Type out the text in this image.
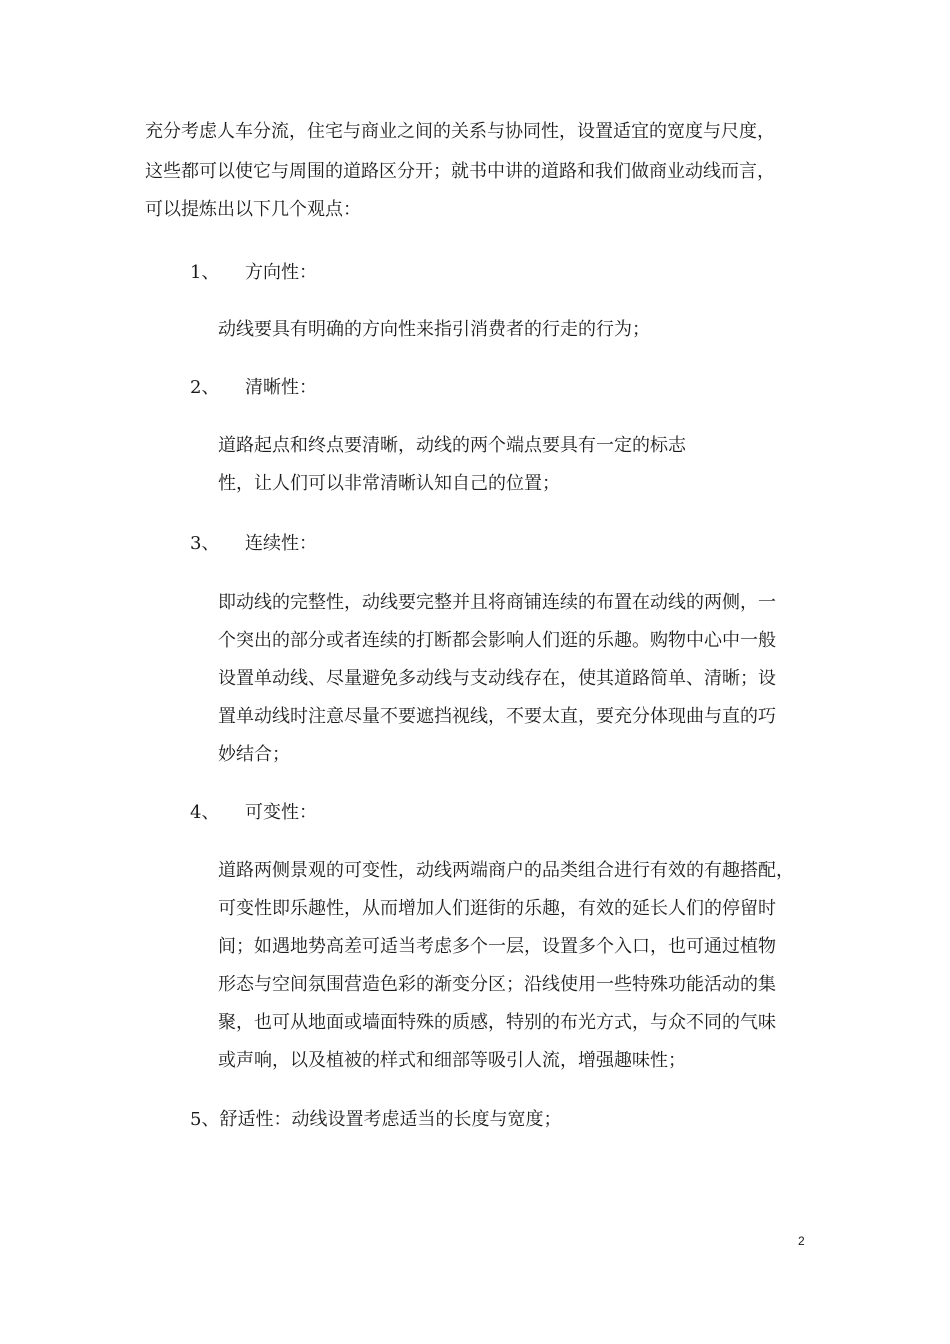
充分考虑人车分流，住宅与商业之间的关系与协同性，设置适宜的宽度与尺度，
这些都可以使它与周围的道路区分开；就书中讲的道路和我们做商业动线而言，
可以提炼出以下几个观点：
1、 方向性：
动线要具有明确的方向性来指引消费者的行走的行为；
2、 清晰性：
道路起点和终点要清晰，动线的两个端点要具有一定的标志
性，让人们可以非常清晰认知自己的位置；
3、 连续性：
即动线的完整性，动线要完整并且将商铺连续的布置在动线的两侧，一
个突出的部分或者连续的打断都会影响人们逛的乐趣。购物中心中一般
设置单动线、尽量避免多动线与支动线存在，使其道路简单、清晰；设
置单动线时注意尽量不要遮挡视线，不要太直，要充分体现曲与直的巧
妙结合；
4、 可变性：
道路两侧景观的可变性，动线两端商户的品类组合进行有效的有趣搭配，
可变性即乐趣性，从而增加人们逛街的乐趣，有效的延长人们的停留时
间；如遇地势高差可适当考虑多个一层，设置多个入口，也可通过植物
形态与空间氛围营造色彩的渐变分区；沿线使用一些特殊功能活动的集
聚，也可从地面或墙面特殊的质感，特别的布光方式，与众不同的气味
或声响，以及植被的样式和细部等吸引人流，增强趣味性；
5、舒适性：动线设置考虑适当的长度与宽度；
2
